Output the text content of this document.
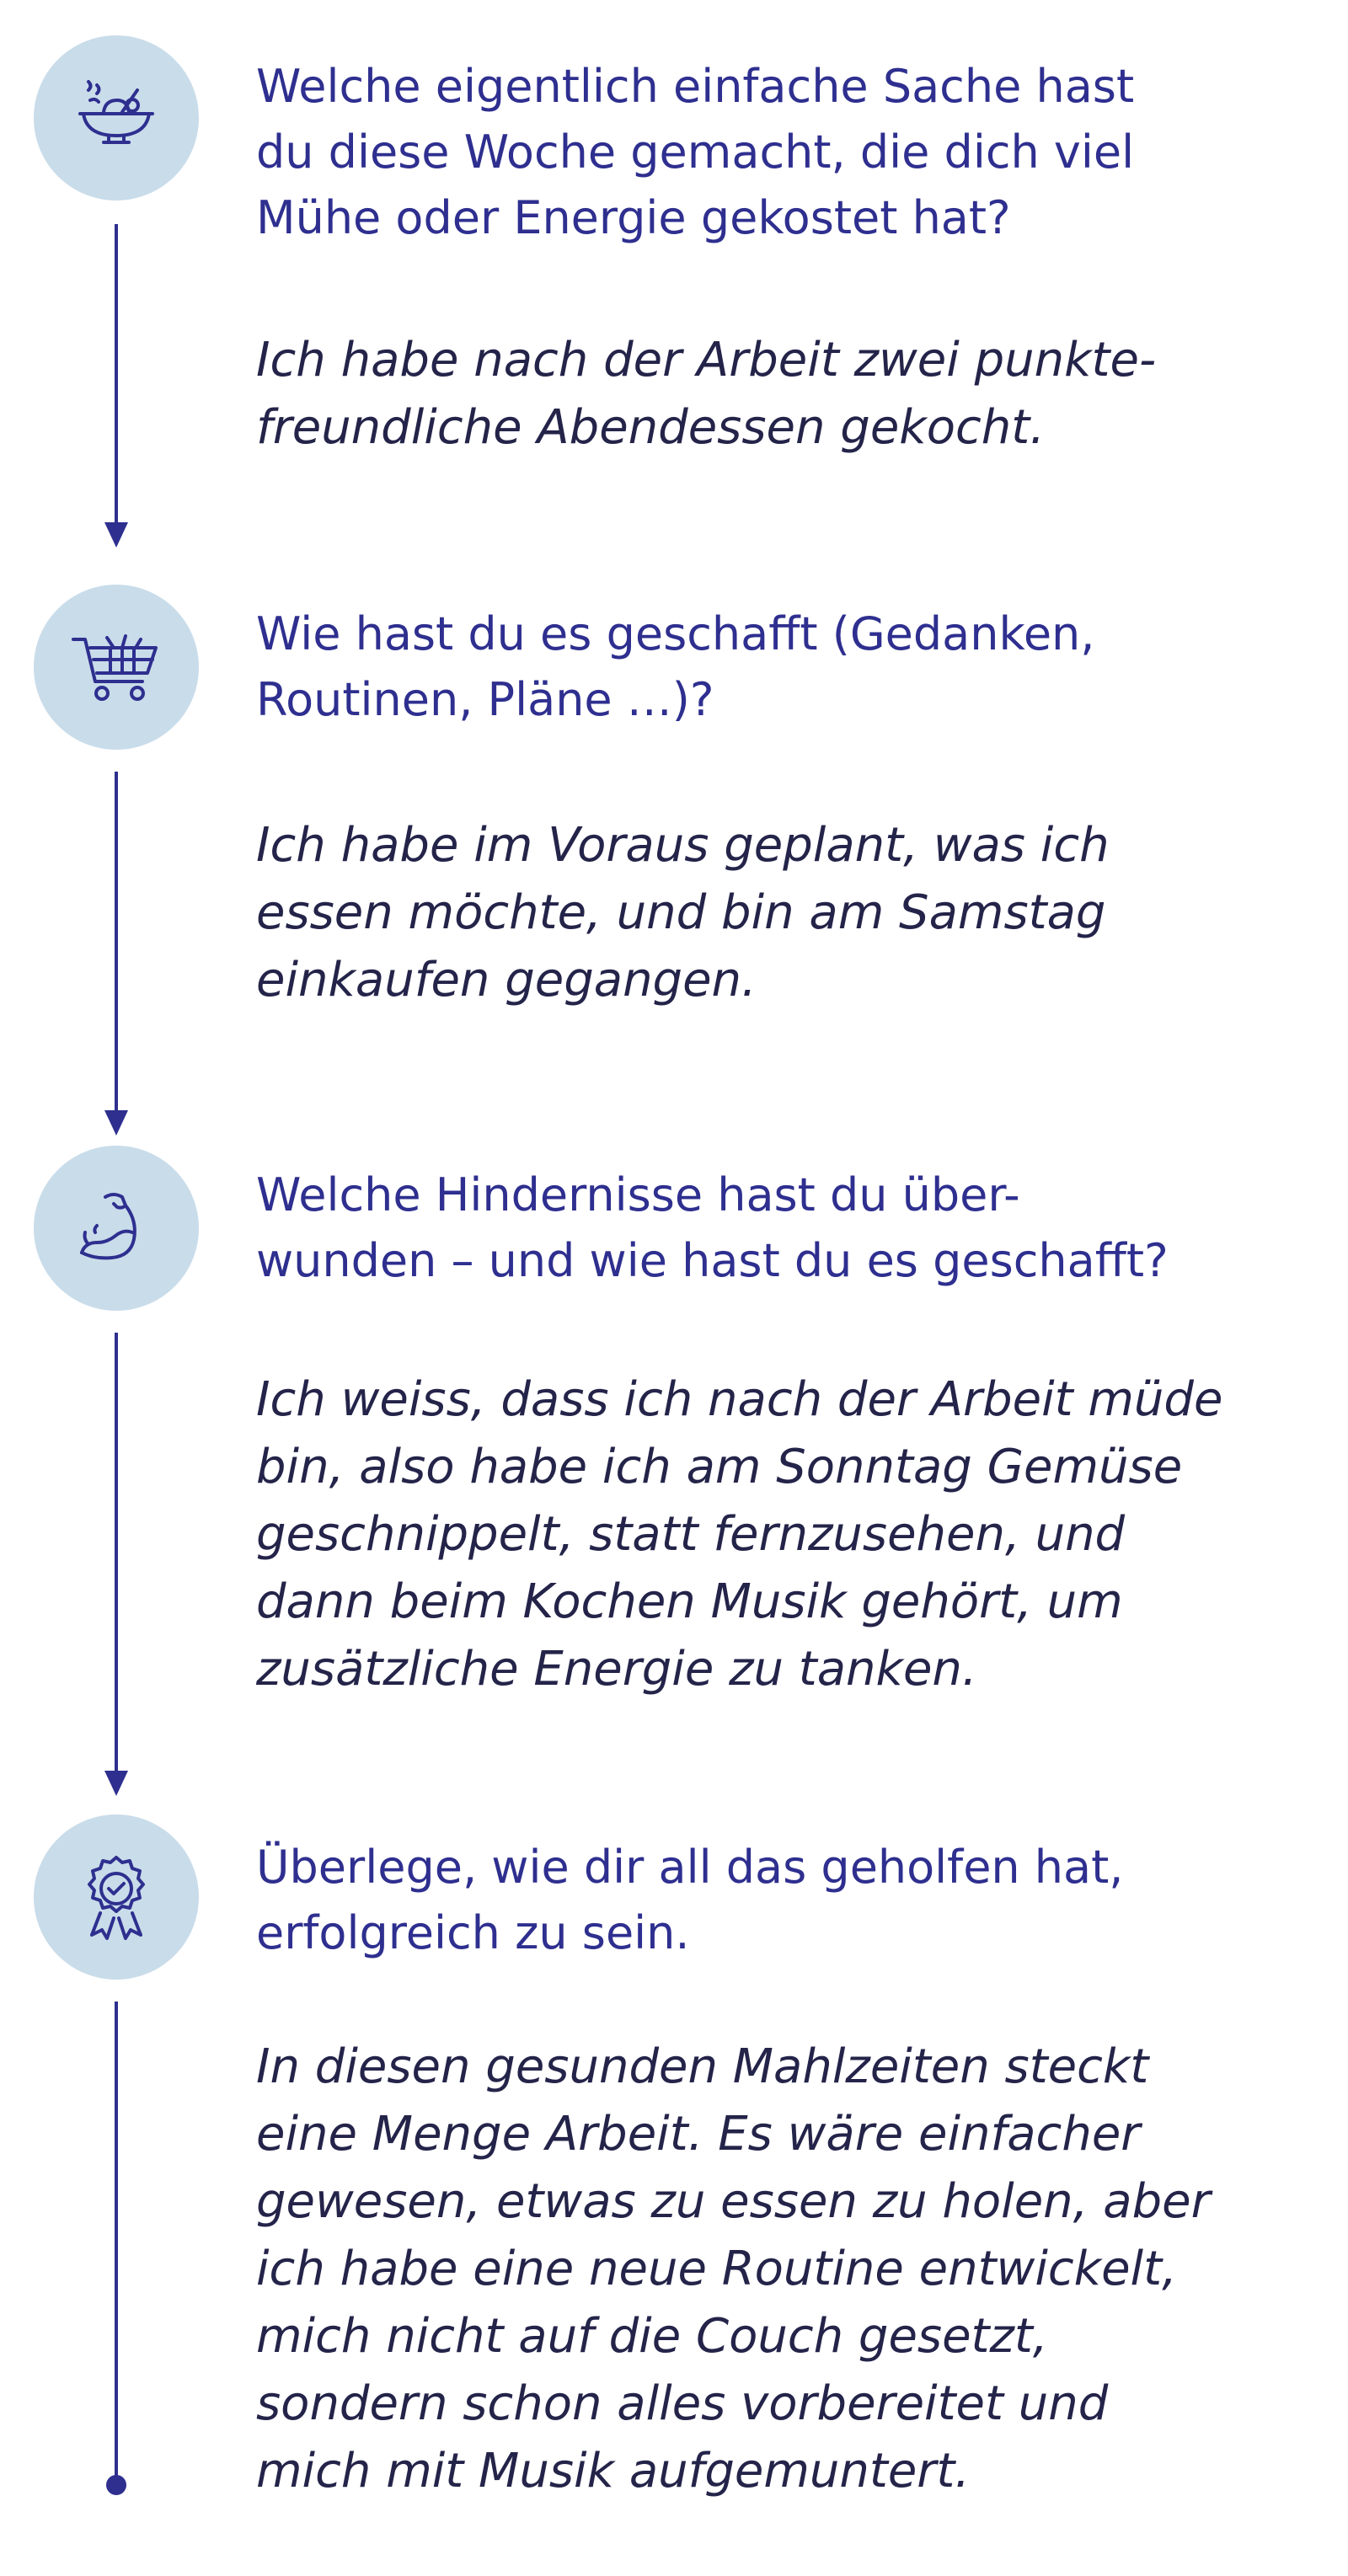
Welche eigentlich einfache Sache hast
du diese Woche gemacht, die dich viel
Mühe oder Energie gekostet hat?

Ich habe nach der Arbeit zwei punkte-
freundliche Abendessen gekocht.

Wie hast du es geschafft (Gedanken,
Routinen, Pläne …)?

Ich habe im Voraus geplant, was ich
essen möchte, und bin am Samstag
einkaufen gegangen.

Welche Hindernisse hast du über-
wunden – und wie hast du es geschafft?

Ich weiss, dass ich nach der Arbeit müde
bin, also habe ich am Sonntag Gemüse
geschnippelt, statt fernzusehen, und
dann beim Kochen Musik gehört, um
zusätzliche Energie zu tanken.

Überlege, wie dir all das geholfen hat,
erfolgreich zu sein.

In diesen gesunden Mahlzeiten steckt
eine Menge Arbeit. Es wäre einfacher
gewesen, etwas zu essen zu holen, aber
ich habe eine neue Routine entwickelt,
mich nicht auf die Couch gesetzt,
sondern schon alles vorbereitet und
mich mit Musik aufgemuntert.
